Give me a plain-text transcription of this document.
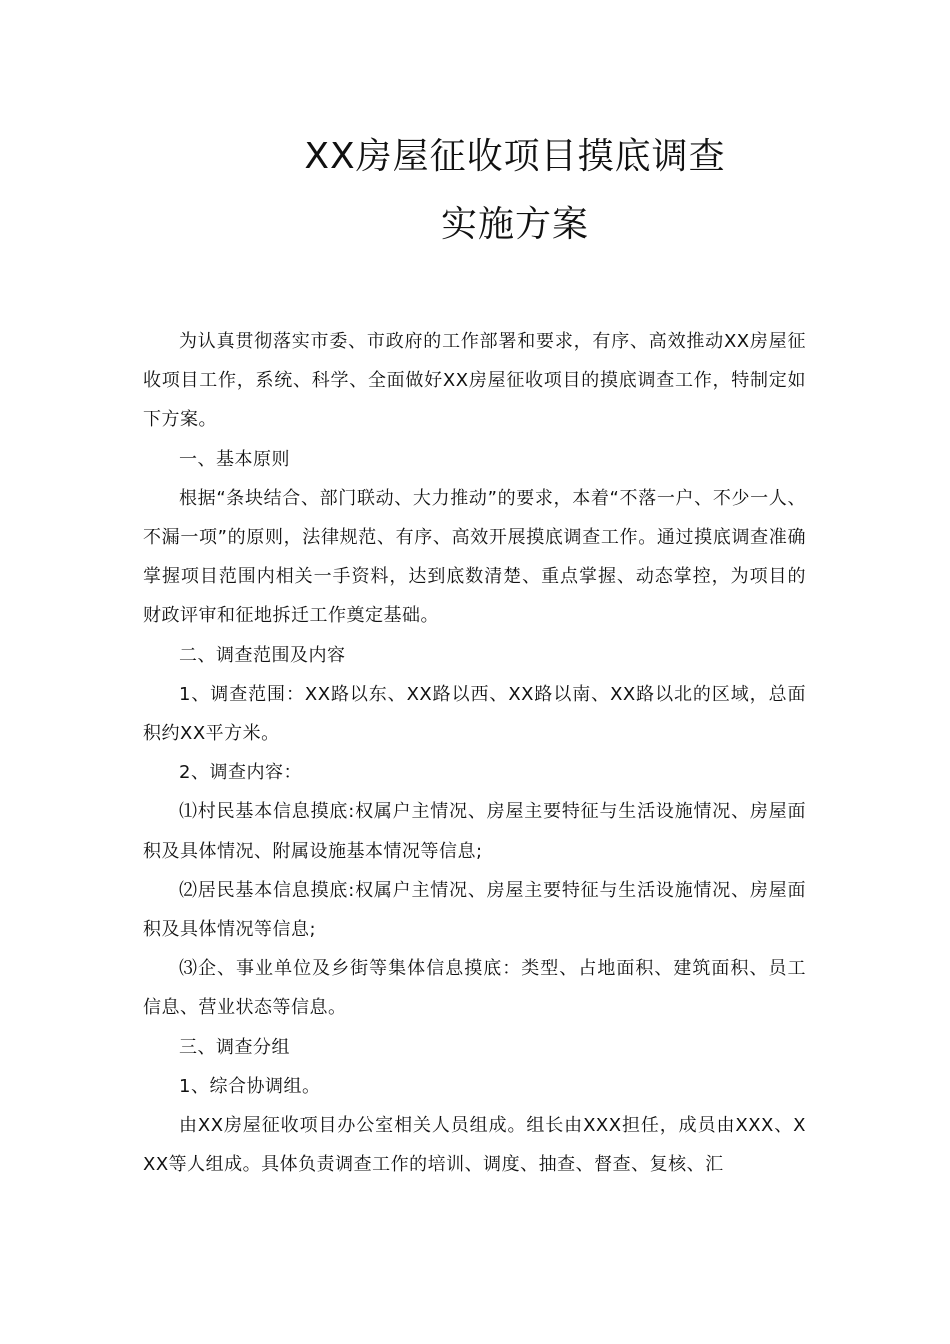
XX房屋征收项目摸底调查
实施方案

为认真贯彻落实市委、市政府的工作部署和要求，有序、高效推动XX房屋征收项目工作，系统、科学、全面做好XX房屋征收项目的摸底调查工作，特制定如下方案。

一、基本原则

根据“条块结合、部门联动、大力推动”的要求，本着“不落一户、不少一人、不漏一项”的原则，法律规范、有序、高效开展摸底调查工作。通过摸底调查准确掌握项目范围内相关一手资料，达到底数清楚、重点掌握、动态掌控，为项目的财政评审和征地拆迁工作奠定基础。

二、调查范围及内容

1、调查范围：XX路以东、XX路以西、XX路以南、XX路以北的区域，总面积约XX平方米。

2、调查内容：

⑴村民基本信息摸底:权属户主情况、房屋主要特征与生活设施情况、房屋面积及具体情况、附属设施基本情况等信息;

⑵居民基本信息摸底:权属户主情况、房屋主要特征与生活设施情况、房屋面积及具体情况等信息;

⑶企、事业单位及乡街等集体信息摸底：类型、占地面积、建筑面积、员工信息、营业状态等信息。

三、调查分组

1、综合协调组。

由XX房屋征收项目办公室相关人员组成。组长由XXX担任，成员由XXX、XXX等人组成。具体负责调查工作的培训、调度、抽查、督查、复核、汇
